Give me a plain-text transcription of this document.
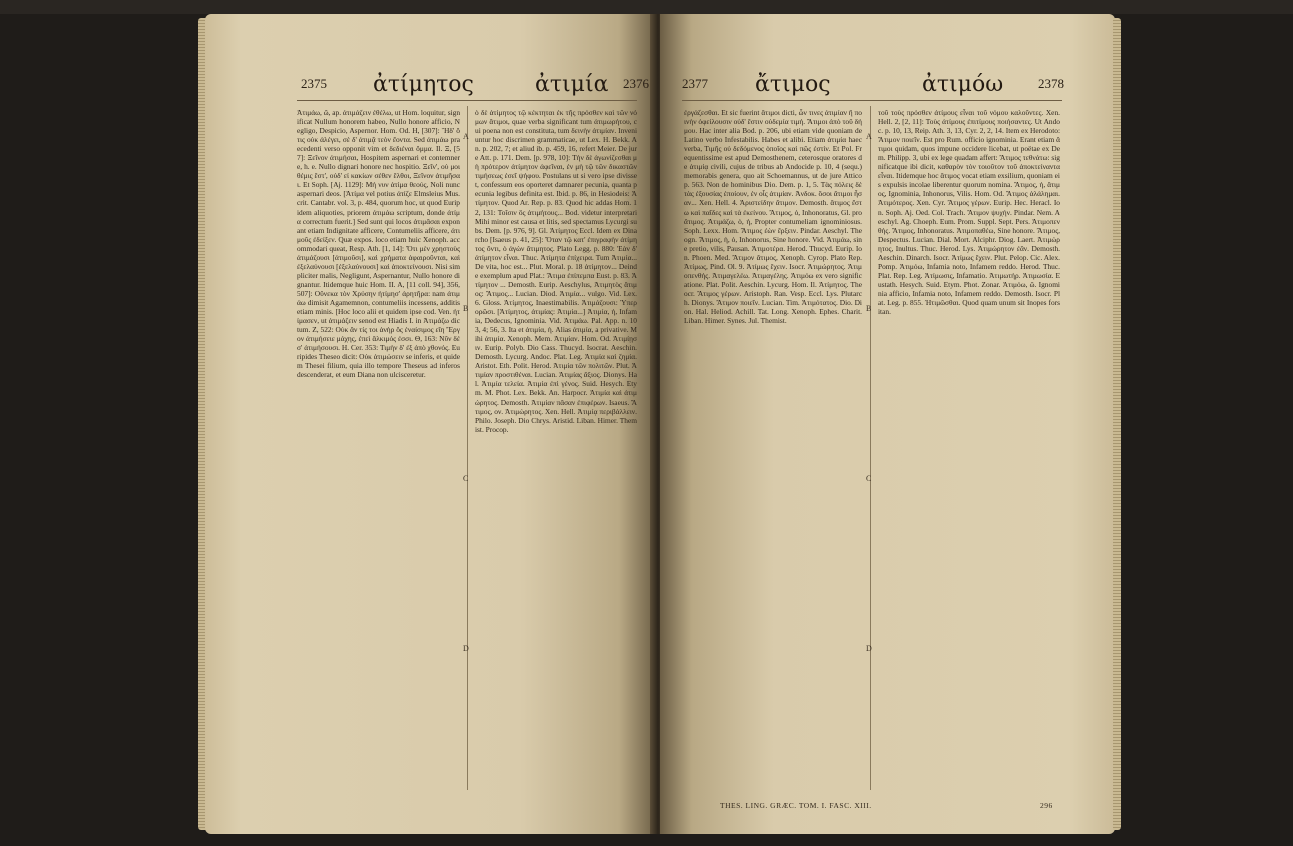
2375 ἀτίμητος	ἀτιμία 2376
Ἀτιμάω, ῶ, ap. ἀτιμάζειν ἐθέλω, ut Hom. loquitur, significat Nullum honorem habeo, Nullo honore afficio, Negligo, Despicio, Aspernor. Hom. Od. H, [307]: Ἥδ' ὅτις οὐκ ἀλέγει, σὲ δ' ἀτιμᾷ τεὸν ἔοντα. Sed ἀτιμάω praecedenti verso opponit vim et δεδιέναι ὄμμα. Il. Ξ, [57]: Ξεῖνον ἀτιμήσαι, Hospitem aspernari et contemnere, h. e. Nullo dignari honore nec hospitio. Ξεῖν', οὐ μοι θέμις ἔστ', οὐδ' εἰ κακίων σέθεν ἔλθοι, Ξεῖνον ἀτιμῆσαι. Et Soph. [Aj. 1129]: Μή νυν ἀτίμα θεούς, Noli nunc aspernari deos. [Ἀτίμα vel potius ἀτίζε Elmsleius Mus. crit. Cantabr. vol. 3, p. 484, quorum hoc, ut quod Euripidem aliquoties, priorem ἀτιμάω scriptum, donde ἀτίμα correctum fuerit.] Sed sunt qui locos ἀτιμᾶσαι exponant etiam Indignitate afficere, Contumeliis afficere, ἀτιμοῦς ἐδείξεν. Quæ expos. loco etiam huic Xenoph. accommodari queat, Resp. Ath. [1, 14]: Ὅτι μὲν χρηστοὺς ἀτιμάζουσι [ἀτιμοῦσι], καὶ χρήματα ἀφαιροῦνται, καὶ ἐξελαύνουσι [ἐξελαύνουσι] καὶ ἀποκτείνουσι. Nisi simpliciter malis, Negligunt, Aspernantur, Nullo honore dignantur. Itidemque huic Hom. II. A, [11 coll. 94], 356, 507]: Οὕνεκα τὸν Χρύσην ἠτίμησ' ἀρητῆρα: nam ἀτιμάω dimisit Agamemnon, contumeliis incessens, additis etiam minis. [Hoc loco alii et quidem ipse cod. Ven. ἠτίμασεν, ut ἀτιμάζειν senod est Hiadis I. in Ἀτιμάζω dictum. Z, 522: Οὐκ ἄν τίς τοι ἀνὴρ ὃς ἐναίσιμος εἴη Ἔργον ἀτιμήσειε μάχης, ἐπεὶ ἄλκιμός ἐσσι. Θ, 163: Νῦν δέ σ' ἀτιμήσουσι. H. Cer. 353: Τιμὴν δ' ἐξ ἀπὸ χθονός. Euripides Theseo dicit: Οὐκ ἀτιμώσειν se inferis, et quidem Thesei filium, quia illo tempore Theseus ad inferos descenderat, et eum Diana non ulcisceretur.
ὁ δὲ ἀτίμητος τῷ κέκτηται ἐκ τῆς πρόσθεν καὶ τῶν νόμων ἄτιμοι, quae verba significant tum ἀτιμωρήτου, cui poena non est constituta, tum δεινὴν ἀτιμίαν. Inveniuntur hoc discrimen grammaticae, ut Lex. H. Bekk. An. p. 202, 7; et aliud ib. p. 459, 16, refert Meier. De jure Att. p. 171. Dem. [p. 978, 10]: Τὴν δὲ ἀγωνίζεσθαι μὴ πρότερον ἀτίμητον ἀφεῖναι, ἐν μὴ τῷ τῶν δικαστῶν τιμήσεως ἐσεῖ ψήφου. Postulans ut si vero ipse divisset, confessum eos oporteret damnarer pecunia, quanta pecunia legibus definita est. Ibid. p. 86, in Hesiodeis: Ἀτίμητον. Quod Ar. Rep. p. 83. Quod hic addas Hom. 12, 131: Τοῖσιν ὃς ἀτιμήτους... Bod. videtur interpretari Mihi minor est causa et litis, sed spectamus Lycurgi subs. Dem. [p. 976, 9]. Gl. Ἀτίμητος Eccl. Idem ex Dinarcho [Isaeus p. 41, 25]: Ὅταν τῷ κατ' ἐπιγραφὴν ἀτίμητος ὄντι, ὁ ἀγὼν ἄτιμητος. Plato Legg. p. 880: Ἐὰν δ' ἀτίμητον εἶναι. Thuc. Ἀτίμητα ἐπίχειρα. Tum Ἀτιμία... De vita, hoc est... Plut. Moral. p. 18 ἀτίμητον... Deinde exemplum apud Plat.: Ἄτιμα ἐπίπεμπα Eust. p. 83. Ἀτίμητον ... Demosth. Eurip. Aeschylus, Ἀτιμητὸς ἄτιμος: Ἄτιμος... Lucian. Diod. Ἀτιμία... vulgo. Vid. Lex. 6. Gloss. Ἀτίμητος, Inaestimabilis. Ἀτιμάζουσι: Ὑπερορῶσι. [Ἀτίμητος, ἀτιμίας: Ἀτιμία...] Ἀτιμία, ἡ, Infamia, Dedecus, Ignominia. Vid. Ἀτιμάω. Pal. App. n. 103, 4; 56, 3. Ita et ἀτιμία, ἡ. Alias ἀτιμία, a privative. Mihi ἀτιμία. Xenoph. Mem. Ἀτιμίαν. Hom. Od. Ἀτιμίῃσιν. Eurip. Polyb. Dio Cass. Thucyd. Isocrat. Aeschin. Demosth. Lycurg. Andoc. Plat. Leg. Ἀτιμία καὶ ζημία. Aristot. Eth. Polit. Herod. Ἀτιμία τῶν πολιτῶν. Plut. Ἀτιμίαν προστιθέναι. Lucian. Ἀτιμίας ἄξιος. Dionys. Hal. Ἀτιμία τελεία. Ἀτιμία ἐπὶ γένος. Suid. Hesych. Etym. M. Phot. Lex. Bekk. An. Harpocr. Ἀτιμία καὶ ἀτιμώρητος. Demosth. Ἀτιμίαν πᾶσαν ἐπιφέρων. Isaeus. Ἄτιμος, ον. Ἀτιμώρητος. Xen. Hell. Ἀτιμίᾳ περιβάλλειν. Philo. Joseph. Dio Chrys. Aristid. Liban. Himer. Themist. Procop.
A
B
C
D
2377 ἄτιμος	ἀτιμόω	2378
ἐργάζεσθαι. Et sic fuerint ἄτιμοι dicti, ὧν τινες ἀτιμίαν ἢ ποινὴν ὀφείλουσιν οὐδ' ἔστιν οὐδεμία τιμή. Ἄτιμοι ἀπὸ τοῦ δήμου. Hac inter alia Bod. p. 206, ubi etiam vide quoniam de Latino verbo Infestabilis. Habes et alibi. Etiam ἀτιμία haec verba, Τιμῆς οὐ δεδόμενος ὁποῖος καὶ πῶς ἐστὶν. Et Pol. Frequentissime est apud Demosthenem, ceterosque oratores de ἀτιμίᾳ civili, cujus de tribus ab Andocide p. 10, 4 (sequ.) memorabis genera, quo ait Schoemannus, ut de jure Attico p. 563. Non de hominibus Dio. Dem. p. 1, 5. Τὰς πόλεις δὲ τὰς ἐξουσίας ἐποίουν, ἐν οἷς ἀτιμίαν. Ἀνδοκ. ὅσοι ἄτιμοι ἦσαν... Xen. Hell. 4. Ἀριστείδην ἄτιμον. Demosth. ἄτιμος ἔστω καὶ παῖδες καὶ τὰ ἐκείνου. Ἄτιμος, ὁ, Inhonoratus, Gl. pro ἄτιμος. Ἀτιμάζω, ὁ, ἡ, Propter contumeliam ignominiosus. Soph. Lexx. Hom. Ἄτιμος ἐὼν ἔρξειν. Pindar. Aeschyl. Theogn. Ἄτιμος, ἡ, ὁ, Inhonorus, Sine honore. Vid. Ἀτιμάω, sine pretio, vilis, Pausan. Ἀτιμοτέρα. Herod. Thucyd. Eurip. Ion. Phoen. Med. Ἄτιμον ἄτιμος, Xenoph. Cyrop. Plato Rep. Ἀτίμως, Pind. Ol. 9. Ἀτίμως ἔχειν. Isocr. Ἀτιμώρητος. Ἀτιμοπενθής. Ἀτιμαγελέω. Ἀτιμαγέλης. Ἀτιμόω ex vero significatione. Plat. Polit. Aeschin. Lycurg. Hom. Il. Ἀτίμητος. Theocr. Ἄτιμος γέρων. Aristoph. Ran. Vesp. Eccl. Lys. Plutarch. Dionys. Ἄτιμον ποιεῖν. Lucian. Tim. Ἀτιμότατος. Dio. Dion. Hal. Heliod. Achill. Tat. Long. Xenoph. Ephes. Charit. Liban. Himer. Synes. Jul. Themist.
τοῦ τοὺς πρόσθεν ἀτίμους εἶναι τοῦ νόμου καλοῦντες. Xen. Hell. 2, [2, 11]: Τοὺς ἀτίμους ἐπιτίμους ποιήσαντες. Ut Andoc. p. 10, 13, Reip. Ath. 3, 13, Cyr. 2, 2, 14. Item ex Herodoto: Ἄτιμον ποιεῖν. Est pro Rum. officio ignominia. Erant etiam ἄτιμοι quidam, quos impune occidere licebat, ut poëtae ex Dem. Philipp. 3, ubi ex lege quadam affert: Ἄτιμος τεθνάτω: significatque ibi dicit, καθαρὸν τὸν τοιοῦτον τοῦ ἀποκτείναντα εἶναι. Itidemque hoc ἄτιμος vocat etiam exsilium, quoniam eis expulsis incolae liberentur quorum nomina. Ἄτιμος, ἡ, ἄτιμος, Ignominia, Inhonorus, Vilis. Hom. Od. Ἄτιμος ἀλάλημαι. Ἀτιμότερος. Xen. Cyr. Ἄτιμος γέρων. Eurip. Hec. Heracl. Ion. Soph. Aj. Oed. Col. Trach. Ἄτιμον ψυχήν. Pindar. Nem. Aeschyl. Ag. Choeph. Eum. Prom. Suppl. Sept. Pers. Ἀτιμοπενθής. Ἄτιμος, Inhonoratus. Ἀτιμοπαθέω, Sine honore. Ἄτιμος, Despectus. Lucian. Dial. Mort. Alciphr. Diog. Laert. Ἀτιμώρητος, Inultus. Thuc. Herod. Lys. Ἀτιμώρητον ἐᾶν. Demosth. Aeschin. Dinarch. Isocr. Ἀτίμως ἔχειν. Plut. Pelop. Cic. Alex. Pomp. Ἀτιμόω, Infamia noto, Infamem reddo. Herod. Thuc. Plat. Rep. Leg. Ἀτίμωσις, Infamatio. Ἀτιμωτήρ. Ἀτιμωσία. Eustath. Hesych. Suid. Etym. Phot. Zonar. Ἀτιμόω, ῶ. Ignominia afficio, Infamia noto, Infamem reddo. Demosth. Isocr. Plat. Leg. p. 855. Ἠτιμῶσθαι. Quod quam unum sit Inopes forsitan.
A
B
C
D
THES. LING. GRÆC. TOM. I. FASC. XIII.	296
